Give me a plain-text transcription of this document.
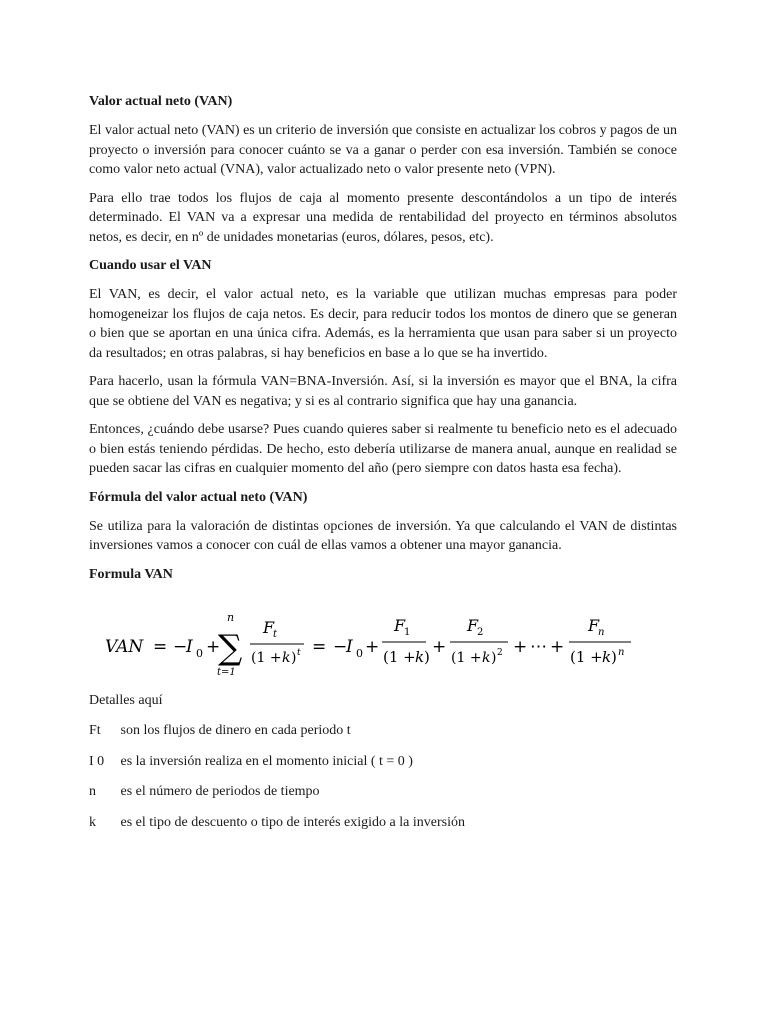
Valor actual neto (VAN)

El valor actual neto (VAN) es un criterio de inversión que consiste en actualizar los cobros y pagos de un proyecto o inversión para conocer cuánto se va a ganar o perder con esa inversión. También se conoce como valor neto actual (VNA), valor actualizado neto o valor presente neto (VPN).

Para ello trae todos los flujos de caja al momento presente descontándolos a un tipo de interés determinado. El VAN va a expresar una medida de rentabilidad del proyecto en términos absolutos netos, es decir, en nº de unidades monetarias (euros, dólares, pesos, etc).

Cuando usar el VAN

El VAN, es decir, el valor actual neto, es la variable que utilizan muchas empresas para poder homogeneizar los flujos de caja netos. Es decir, para reducir todos los montos de dinero que se generan o bien que se aportan en una única cifra. Además, es la herramienta que usan para saber si un proyecto da resultados; en otras palabras, si hay beneficios en base a lo que se ha invertido.

Para hacerlo, usan la fórmula VAN=BNA-Inversión. Así, si la inversión es mayor que el BNA, la cifra que se obtiene del VAN es negativa; y si es al contrario significa que hay una ganancia.

Entonces, ¿cuándo debe usarse? Pues cuando quieres saber si realmente tu beneficio neto es el adecuado o bien estás teniendo pérdidas. De hecho, esto debería utilizarse de manera anual, aunque en realidad se pueden sacar las cifras en cualquier momento del año (pero siempre con datos hasta esa fecha).

Fórmula del valor actual neto (VAN)

Se utiliza para la valoración de distintas opciones de inversión. Ya que calculando el VAN de distintas inversiones vamos a conocer con cuál de ellas vamos a obtener una mayor ganancia.

Formula VAN
VAN = −
I 0 +
n
∑
t=1
F
t
(1 + k ) t = −
I 0 +
F
1
(1 + k ) +
F
2
(1 + k ) 2 + ⋯ +
F
n
(1 + k ) n

Detalles aquí

Ft son los flujos de dinero en cada periodo t

I 0 es la inversión realiza en el momento inicial ( t = 0 )

n es el número de periodos de tiempo

k es el tipo de descuento o tipo de interés exigido a la inversión
